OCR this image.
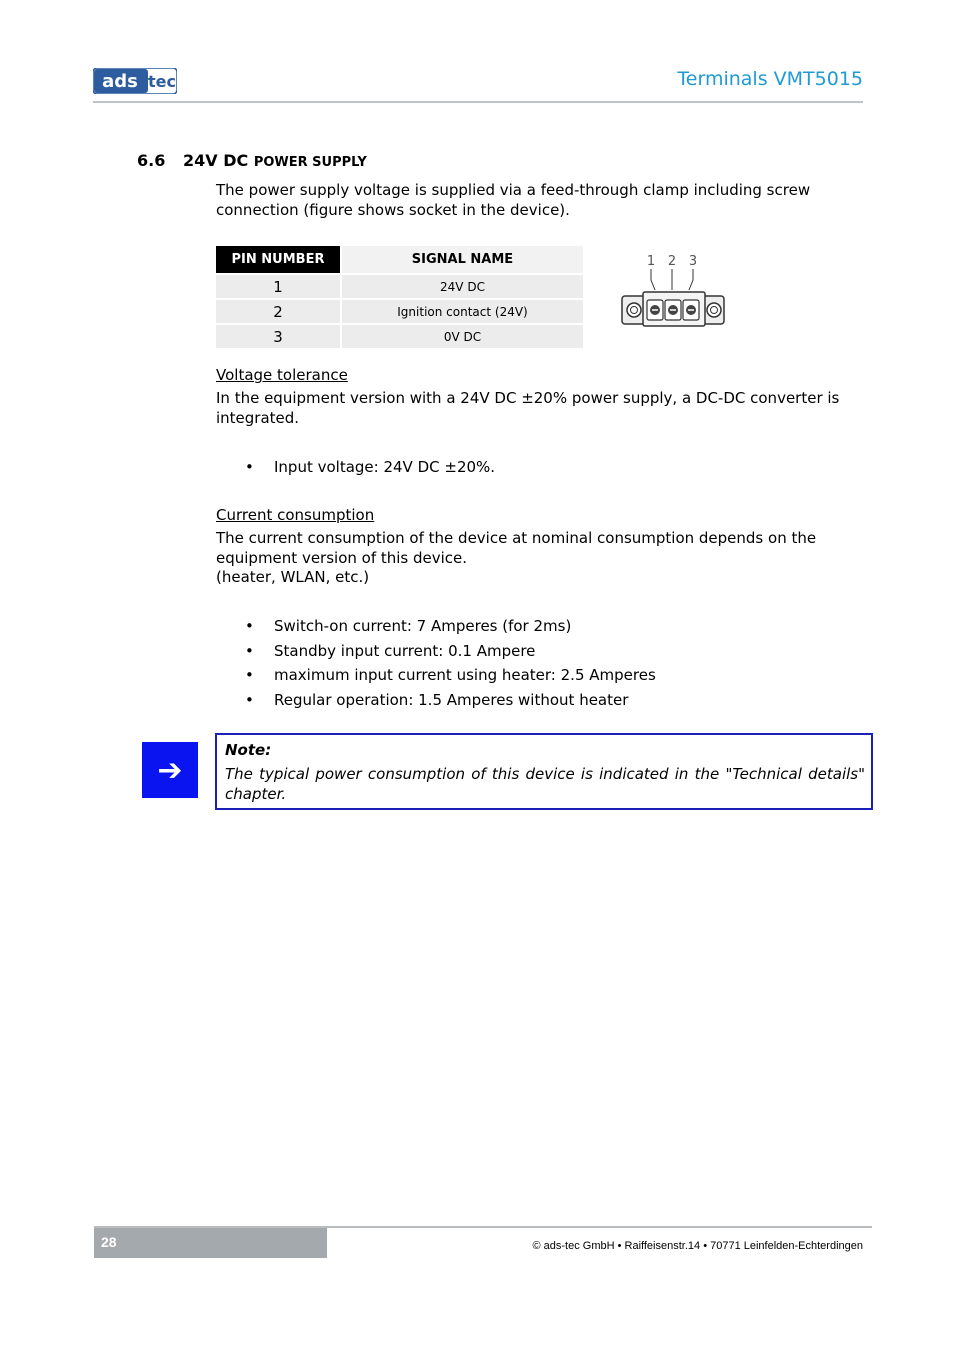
ads tec	Terminals VMT5015
6.6 24V DC POWER SUPPLY
The power supply voltage is supplied via a feed-through clamp including screw connection (figure shows socket in the device).
PIN NUMBER	SIGNAL NAME
1	24V DC
2	Ignition contact (24V)
3	0V DC
1 2 3
Voltage tolerance
In the equipment version with a 24V DC ±20% power supply, a DC-DC converter is integrated.
• Input voltage: 24V DC ±20%.
Current consumption
The current consumption of the device at nominal consumption depends on the equipment version of this device.
(heater, WLAN, etc.)
• Switch-on current: 7 Amperes (for 2ms)
• Standby input current: 0.1 Ampere
• maximum input current using heater: 2.5 Amperes
• Regular operation: 1.5 Amperes without heater
➔
Note:
The typical power consumption of this device is indicated in the "Technical details" chapter.
28	© ads-tec GmbH • Raiffeisenstr.14 • 70771 Leinfelden-Echterdingen
